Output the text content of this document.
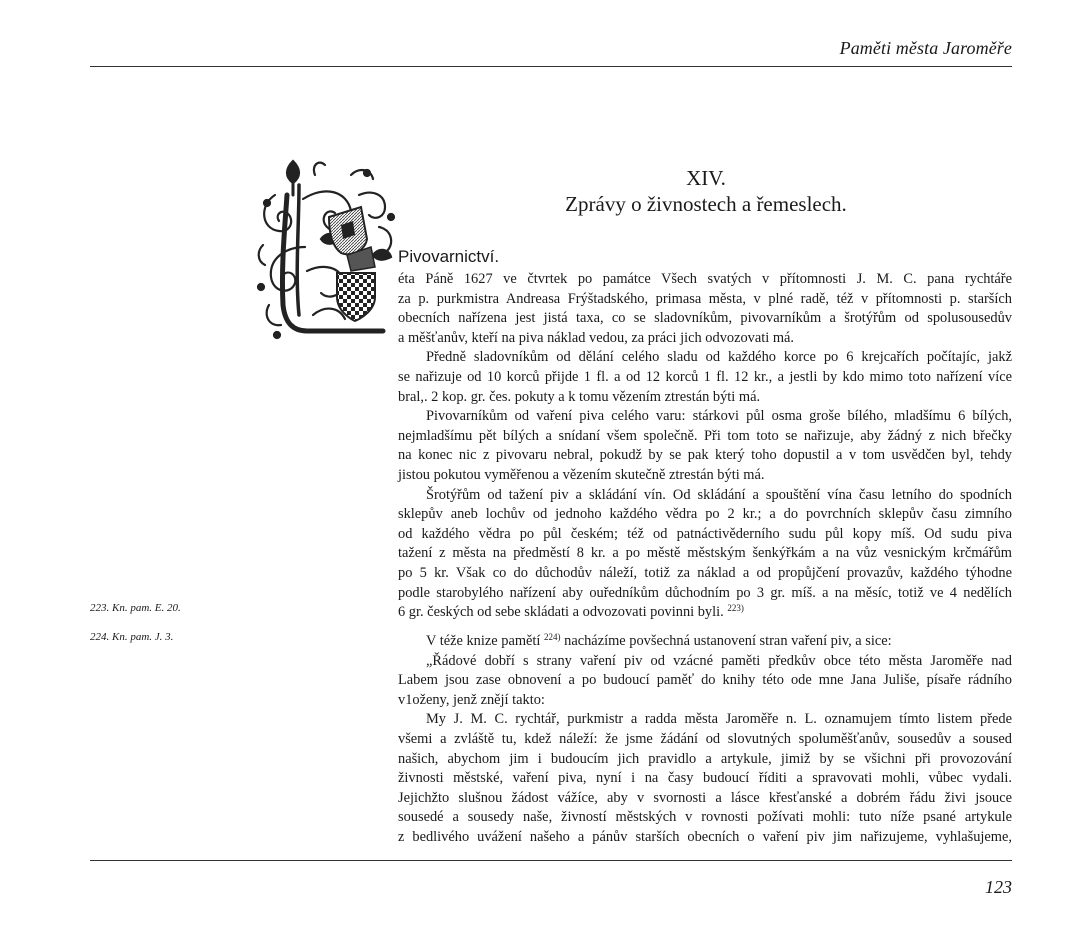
Paměti města Jaroměře
XIV.
Zprávy o živnostech a řemeslech.
Pivovarnictví.
223. Kn. pam. E. 20.
224. Kn. pam. J. 3.
éta Páně 1627 ve čtvrtek po památce Všech svatých v přítomnosti J. M. C. pana rychtáře
za p. purkmistra Andreasa Frýštadského, primasa města, v plné radě, též v přítomnosti p. starších
obecních nařízena jest jistá taxa, co se sladovníkům, pivovarníkům a šrotýřům od spolusousedův
a měšťanův, kteří na piva náklad vedou, za práci jich odvozovati má.
Předně sladovníkům od dělání celého sladu od každého korce po 6 krejcařích počítajíc, jakž
se nařizuje od 10 korců přijde 1 fl. a od 12 korců 1 fl. 12 kr., a jestli by kdo mimo toto nařízení více
bral,. 2 kop. gr. čes. pokuty a k tomu vězením ztrestán býti má.
Pivovarníkům od vaření piva celého varu: stárkovi půl osma groše bílého, mladšímu 6 bílých,
nejmladšímu pět bílých a snídaní všem společně. Při tom toto se nařizuje, aby žádný z nich břečky
na konec nic z pivovaru nebral, pokudž by se pak který toho dopustil a v tom usvědčen byl, tehdy
jistou pokutou vyměřenou a vězením skutečně ztrestán býti má.
Šrotýřům od tažení piv a skládání vín. Od skládání a spouštění vína času letního do spodních
sklepův aneb lochův od jednoho každého vědra po 2 kr.; a do povrchních sklepův času zimního
od každého vědra po půl českém; též od patnáctivěderního sudu půl kopy míš. Od sudu piva
tažení z města na předměstí 8 kr. a po městě městským šenkýřkám a na vůz vesnickým krčmářům
po 5 kr. Však co do důchodův náleží, totiž za náklad a od propůjčení provazův, každého týhodne
podle starobylého nařízení aby ouředníkům důchodním po 3 gr. míš. a na měsíc, totiž ve 4 nedělích
6 gr. českých od sebe skládati a odvozovati povinni byli. $^{223)}$
V téže knize pamětí $^{224)}$ nacházíme povšechná ustanovení stran vaření piv, a sice:
„Řádové dobří s strany vaření piv od vzácné paměti předkův obce této města Jaroměře nad
Labem jsou zase obnovení a po budoucí paměť do knihy této ode mne Jana Juliše, písaře rádního
v1oženy, jenž znějí takto:
My J. M. C. rychtář, purkmistr a radda města Jaroměře n. L. oznamujem tímto listem přede
všemi a zvláště tu, kdež náleží: že jsme žádání od slovutných spoluměšťanův, sousedův a soused
našich, abychom jim i budoucím jich pravidlo a artykule, jimiž by se všichni při provozování
živnosti městské, vaření piva, nyní i na časy budoucí říditi a spravovati mohli, vůbec vydali.
Jejichžto slušnou žádost vážíce, aby v svornosti a lásce křesťanské a dobrém řádu živi jsouce
sousedé a sousedy naše, živností městských v rovnosti požívati mohli: tuto níže psané artykule
z bedlivého uvážení našeho a pánův starších obecních o vaření piv jim nařizujeme, vyhlašujeme,
123
